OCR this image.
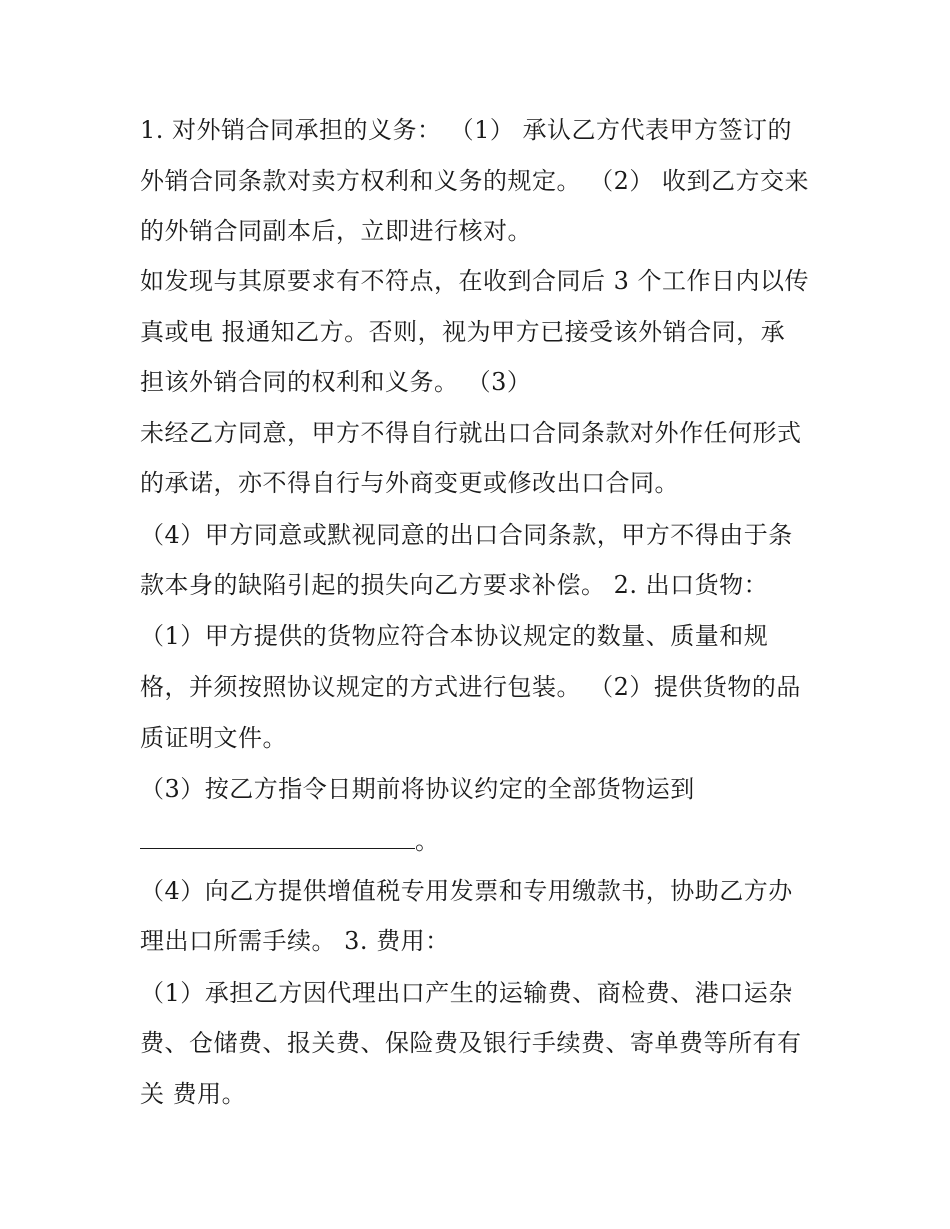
1. 对外销合同承担的义务： （1） 承认乙方代表甲方签订的
外销合同条款对卖方权利和义务的规定。 （2） 收到乙方交来
的外销合同副本后，立即进行核对。
如发现与其原要求有不符点，在收到合同后 3 个工作日内以传
真或电 报通知乙方。否则，视为甲方已接受该外销合同，承
担该外销合同的权利和义务。 （3）
未经乙方同意，甲方不得自行就出口合同条款对外作任何形式
的承诺，亦不得自行与外商变更或修改出口合同。
（4）甲方同意或默视同意的出口合同条款，甲方不得由于条
款本身的缺陷引起的损失向乙方要求补偿。 2. 出口货物：
（1）甲方提供的货物应符合本协议规定的数量、质量和规
格，并须按照协议规定的方式进行包装。 （2）提供货物的品
质证明文件。
（3）按乙方指令日期前将协议约定的全部货物运到
。
（4）向乙方提供增值税专用发票和专用缴款书，协助乙方办
理出口所需手续。 3. 费用：
（1）承担乙方因代理出口产生的运输费、商检费、港口运杂
费、仓储费、报关费、保险费及银行手续费、寄单费等所有有
关 费用。
